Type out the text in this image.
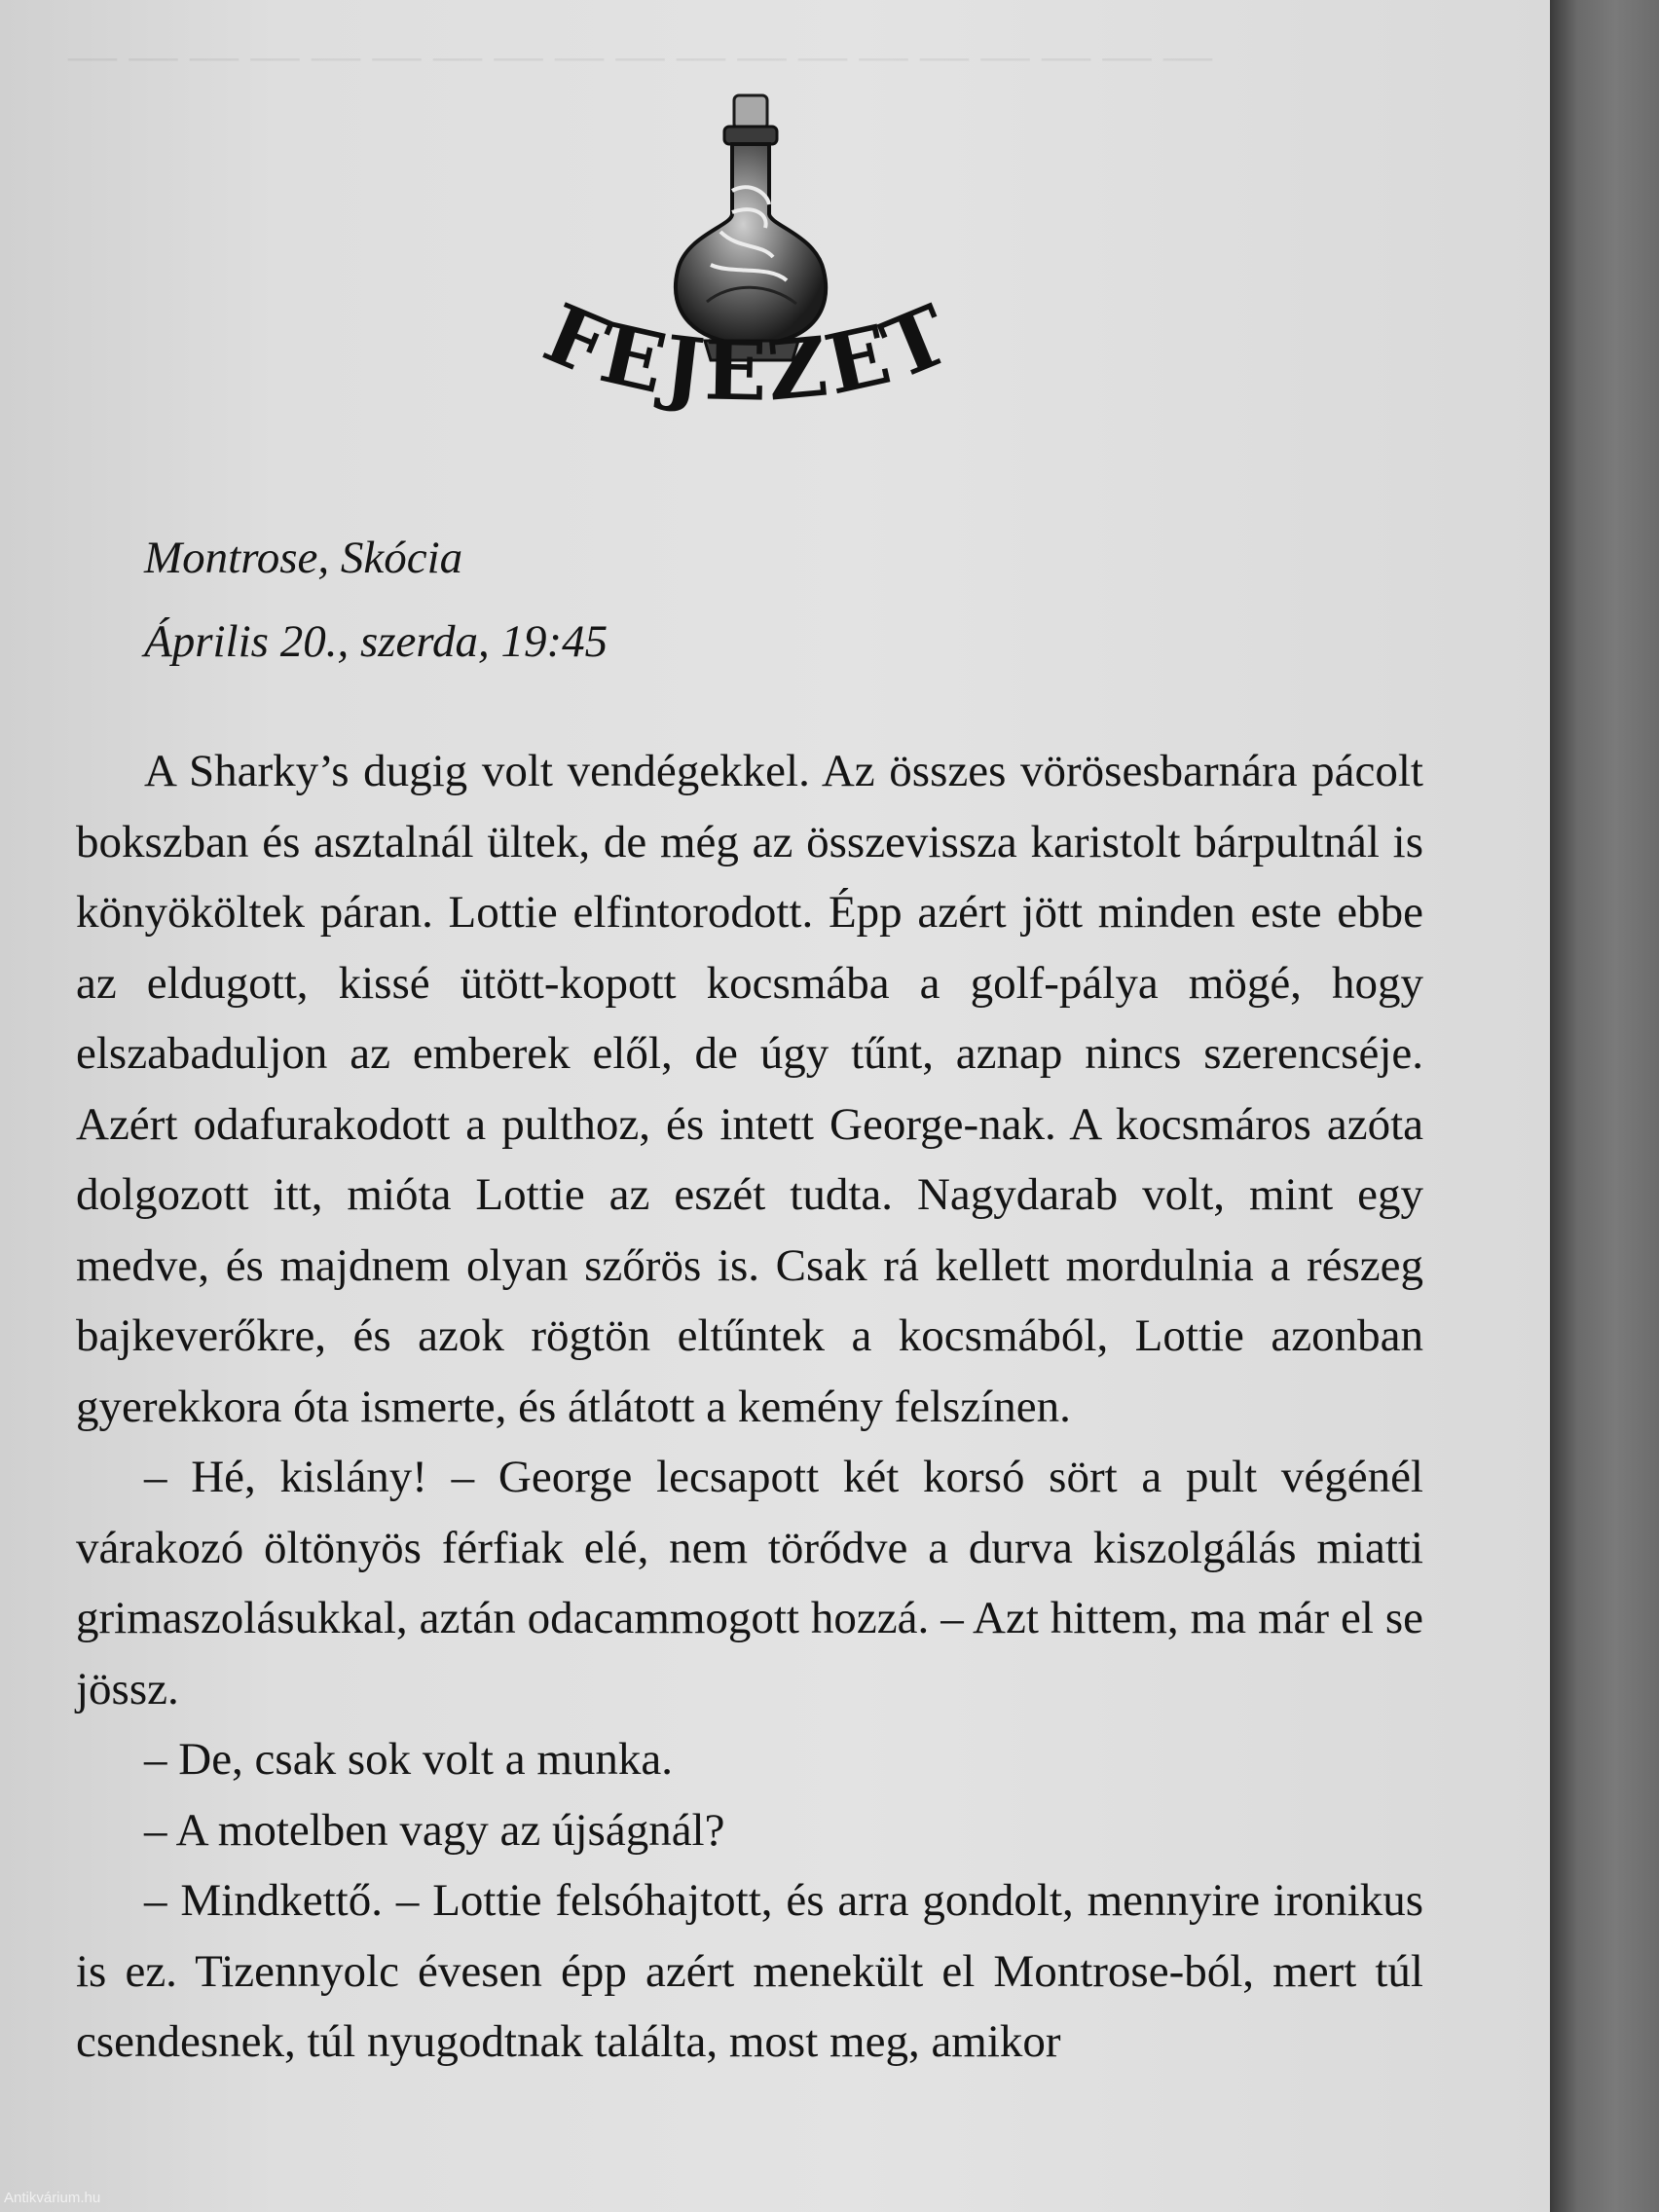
— — — — — — — — — — — — — — — — — — —
FEJEZET
Montrose, Skócia
Április 20., szerda, 19:45

A Sharky’s dugig volt vendégekkel. Az összes vörösesbarnára pácolt bokszban és asztalnál ültek, de még az összevissza karistolt bárpultnál is könyököltek páran. Lottie elfintorodott. Épp azért jött minden este ebbe az eldugott, kissé ütött-kopott kocsmába a golf-pálya mögé, hogy elszabaduljon az emberek elől, de úgy tűnt, aznap nincs szerencséje. Azért odafurakodott a pulthoz, és intett George-nak. A kocsmáros azóta dolgozott itt, mióta Lottie az eszét tudta. Nagydarab volt, mint egy medve, és majdnem olyan szőrös is. Csak rá kellett mordulnia a részeg bajkeverőkre, és azok rögtön eltűntek a kocsmából, Lottie azonban gyerekkora óta ismerte, és átlátott a kemény felszínen.

– Hé, kislány! – George lecsapott két korsó sört a pult végénél várakozó öltönyös férfiak elé, nem törődve a durva kiszolgálás miatti grimaszolásukkal, aztán odacammogott hozzá. – Azt hittem, ma már el se jössz.

– De, csak sok volt a munka.

– A motelben vagy az újságnál?

– Mindkettő. – Lottie felsóhajtott, és arra gondolt, mennyire ironikus is ez. Tizennyolc évesen épp azért menekült el Montrose-ból, mert túl csendesnek, túl nyugodtnak találta, most meg, amikor

Antikvárium.hu
